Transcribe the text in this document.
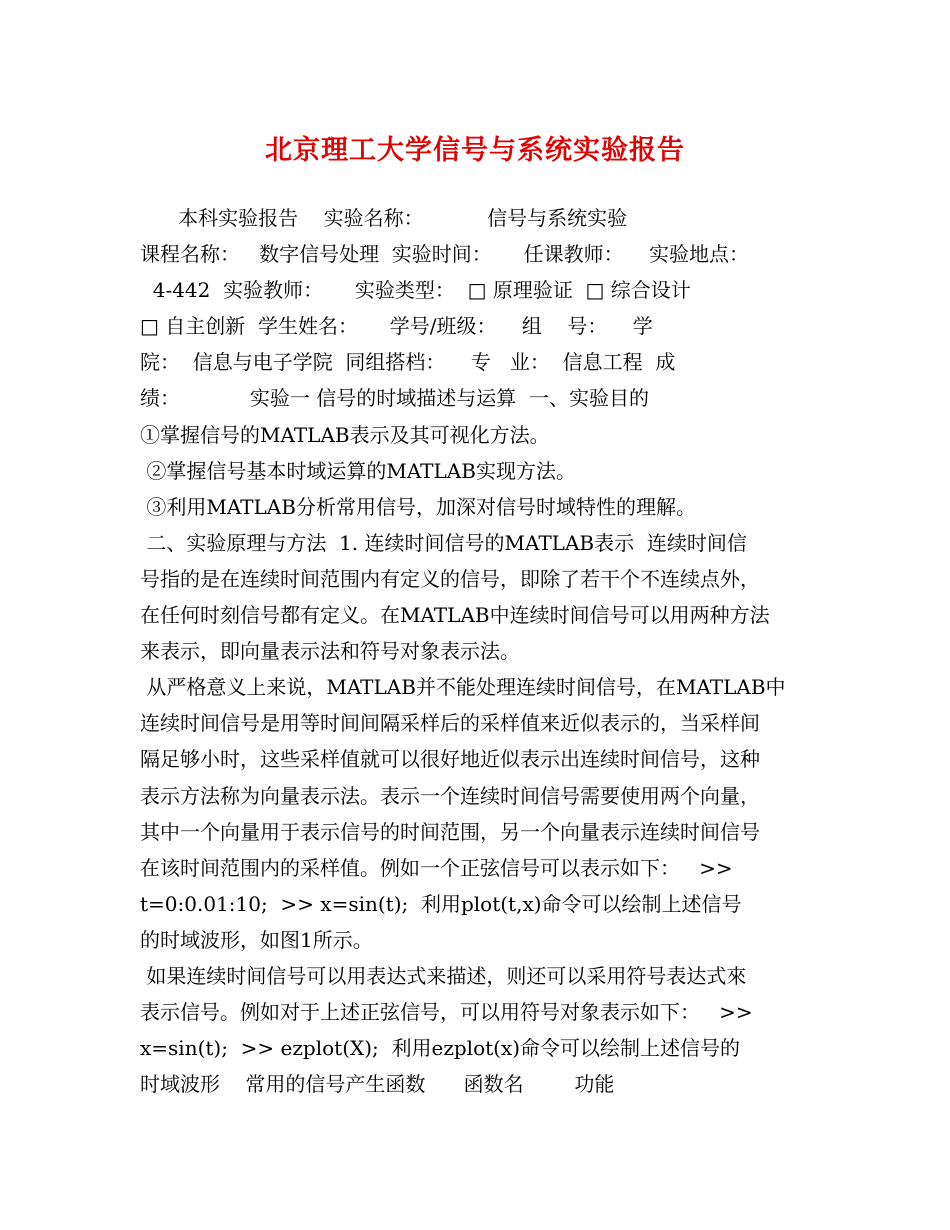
北京理工大学信号与系统实验报告
本科实验报告    实验名称：          信号与系统实验
课程名称：   数字信号处理  实验时间：     任课教师：    实验地点：
4-442  实验教师：     实验类型：  □ 原理验证  □ 综合设计
□ 自主创新  学生姓名：     学号/班级：    组    号：    学
院：  信息与电子学院  同组搭档：    专   业：  信息工程  成
绩：           实验一 信号的时域描述与运算  一、实验目的
①掌握信号的MATLAB表示及其可视化方法。
②掌握信号基本时域运算的MATLAB实现方法。
③利用MATLAB分析常用信号，加深对信号时域特性的理解。
二、实验原理与方法  1. 连续时间信号的MATLAB表示  连续时间信
号指的是在连续时间范围内有定义的信号，即除了若干个不连续点外，
在任何时刻信号都有定义。在MATLAB中连续时间信号可以用两种方法
来表示，即向量表示法和符号对象表示法。
从严格意义上来说，MATLAB并不能处理连续时间信号，在MATLAB中
连续时间信号是用等时间间隔采样后的采样值来近似表示的，当采样间
隔足够小时，这些采样值就可以很好地近似表示出连续时间信号，这种
表示方法称为向量表示法。表示一个连续时间信号需要使用两个向量，
其中一个向量用于表示信号的时间范围，另一个向量表示连续时间信号
在该时间范围内的采样值。例如一个正弦信号可以表示如下：   >>
t=0:0.01:10;  >> x=sin(t);  利用plot(t,x)命令可以绘制上述信号
的时域波形，如图1所示。
如果连续时间信号可以用表达式来描述，则还可以采用符号表达式來
表示信号。例如对于上述正弦信号，可以用符号对象表示如下：   >>
x=sin(t);  >> ezplot(X);  利用ezplot(x)命令可以绘制上述信号的
时域波形    常用的信号产生函数      函数名        功能
